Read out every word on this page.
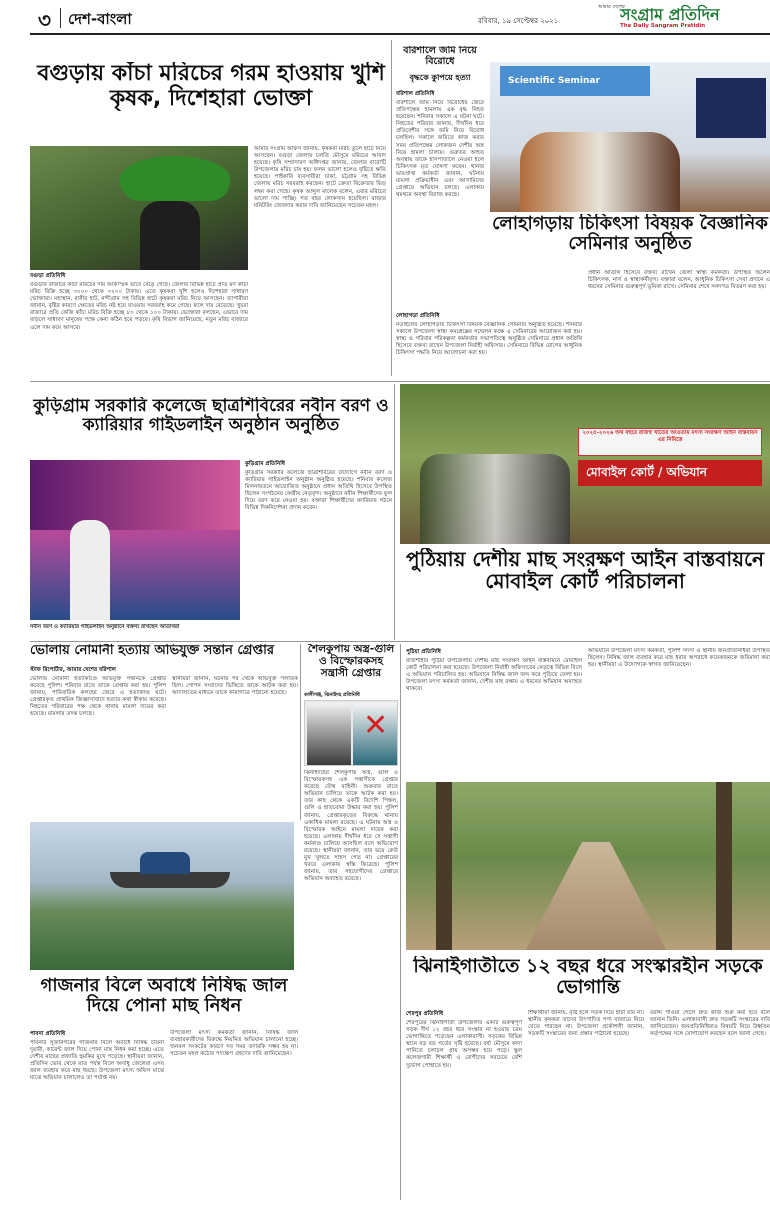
৩ দেশ-বাংলা	রবিবার, ১৯ সেপ্টেম্বর ২০২১
আমার দেশের
সংগ্রাম প্রতিদিন
The Daily Sangram Pratidin
বগুড়ায় কাঁচা মরিচের গরম হাওয়ায় খুশি কৃষক, দিশেহারা ভোক্তা
বগুড়া প্রতিনিধি
বগুড়ার বাজারে কাঁচা মরিচের দাম আকস্মিক ভাবে বেড়ে গেছে। জেলার বিভিন্ন হাটে প্রতি মণ কাঁচা মরিচ বিক্রি হচ্ছে ৩০০০ থেকে ৩২০০ টাকায়। এতে কৃষকরা খুশি হলেও দিশেহারা সাধারণ ভোক্তারা। মহাস্থান, রানীর হাট, নন্দীগ্রাম সহ বিভিন্ন হাটে কৃষকরা মরিচ নিয়ে আসছেন। ব্যাপারীরা জানান, বৃষ্টির কারণে ক্ষেতের মরিচ নষ্ট হয়ে যাওয়ায় সরবরাহ কমে গেছে। ফলে দাম বেড়েছে। খুচরা বাজারে প্রতি কেজি কাঁচা মরিচ বিক্রি হচ্ছে ৮০ থেকে ১০০ টাকায়। ভোক্তারা বলছেন, এভাবে দাম বাড়লে সাধারণ মানুষের পক্ষে কেনা কঠিন হয়ে পড়বে। কৃষি বিভাগ জানিয়েছে, নতুন মরিচ বাজারে এলে দাম কমে আসবে।
আমার সংগ্রাম অফিস জানায়, কৃষকরা মরিচ তুলে হাটে নিয়ে আসছেন। বগুড়া জেলায় চলতি মৌসুমে মরিচের আবাদ হয়েছে। কৃষি সম্প্রসারণ অধিদপ্তর জানায়, জেলার বারোটি উপজেলায় মরিচ চাষ হয়। ফলন ভালো হলেও বৃষ্টিতে ক্ষতি হয়েছে। পাইকারি ব্যবসায়ীরা ঢাকা, চট্টগ্রাম সহ বিভিন্ন জেলায় মরিচ সরবরাহ করছেন। হাটে ক্রেতা বিক্রেতার ভিড় লক্ষ্য করা গেছে। কৃষক আব্দুল মালেক বলেন, এবার মরিচের ভালো দাম পাচ্ছি। গত বছর লোকসান হয়েছিল। বাজার মনিটরিং জোরদার করার দাবি জানিয়েছেন সচেতন মহল।
বরিশালে জমি নিয়ে বিরোধে
বৃদ্ধকে কুপিয়ে হত্যা
বরিশাল প্রতিনিধি
বরিশালে জমি নিয়ে বিরোধের জেরে প্রতিপক্ষের হামলায় এক বৃদ্ধ নিহত হয়েছেন। শনিবার সকালে এ ঘটনা ঘটে। নিহতের পরিবার জানায়, দীর্ঘদিন ধরে প্রতিবেশীর সঙ্গে জমি নিয়ে বিরোধ চলছিল। সকালে জমিতে কাজ করার সময় প্রতিপক্ষের লোকজন দেশীয় অস্ত্র নিয়ে হামলা চালায়। গুরুতর আহত অবস্থায় তাকে হাসপাতালে নেওয়া হলে চিকিৎসক মৃত ঘোষণা করেন। থানার ভারপ্রাপ্ত কর্মকর্তা জানান, ঘটনায় মামলা প্রক্রিয়াধীন এবং আসামিদের গ্রেপ্তারে অভিযান চলছে। এলাকায় থমথমে অবস্থা বিরাজ করছে।
Scientific Seminar
লোহাগড়ায় চিকিৎসা বিষয়ক বৈজ্ঞানিক সেমিনার অনুষ্ঠিত
লোহাগড়া প্রতিনিধি
নড়াইলের লোহাগড়ায় চিকিৎসা বিষয়ক বৈজ্ঞানিক সেমিনার অনুষ্ঠিত হয়েছে। শনিবার সকালে উপজেলা স্বাস্থ্য কমপ্লেক্সের সম্মেলন কক্ষে এ সেমিনারের আয়োজন করা হয়। স্বাস্থ্য ও পরিবার পরিকল্পনা কর্মকর্তার সভাপতিত্বে অনুষ্ঠিত সেমিনারে প্রধান অতিথি হিসেবে বক্তব্য রাখেন উপজেলা নির্বাহী অফিসার। সেমিনারে বিভিন্ন রোগের আধুনিক চিকিৎসা পদ্ধতি নিয়ে আলোচনা করা হয়।
প্রধান অতিথি হিসেবে বক্তব্য রাখেন জেলা স্বাস্থ্য কর্মকর্তা। উপস্থিত ছিলেন চিকিৎসক, নার্স ও স্বাস্থ্যকর্মীবৃন্দ। বক্তারা বলেন, আধুনিক চিকিৎসা সেবা প্রদানে এ ধরনের সেমিনার গুরুত্বপূর্ণ ভূমিকা রাখে। সেমিনার শেষে সনদপত্র বিতরণ করা হয়।
কুড়িগ্রাম সরকারি কলেজে ছাত্রশিবিরের নবীন বরণ ও ক্যারিয়ার গাইডলাইন অনুষ্ঠান অনুষ্ঠিত
নবীন বরণ ও ক্যারিয়ার গাইডলাইন অনুষ্ঠানে বক্তব্য রাখছেন অতিথিরা
কুড়িগ্রাম প্রতিনিধি
কুড়িগ্রাম সরকারি কলেজে ছাত্রশিবিরের উদ্যোগে নবীন বরণ ও ক্যারিয়ার গাইডলাইন অনুষ্ঠান অনুষ্ঠিত হয়েছে। শনিবার কলেজ মিলনায়তনে আয়োজিত অনুষ্ঠানে প্রধান অতিথি হিসেবে উপস্থিত ছিলেন সংগঠনের কেন্দ্রীয় নেতৃবৃন্দ। অনুষ্ঠানে নবীন শিক্ষার্থীদের ফুল দিয়ে বরণ করে নেওয়া হয়। বক্তারা শিক্ষার্থীদের ক্যারিয়ার গঠনে বিভিন্ন দিকনির্দেশনা প্রদান করেন।
২০২৫-২০২৬ অর্থ বছরে রাজস্ব খাতের আওতায় মৎস্য সংরক্ষণ আইন বাস্তবায়ন এর নিমিত্তে
মোবাইল কোর্ট / অভিযান
পুঠিয়ায় দেশীয় মাছ সংরক্ষণ আইন বাস্তবায়নে মোবাইল কোর্ট পরিচালনা
ভোলায় নোমানী হত্যায় অভিযুক্ত সন্তান গ্রেপ্তার
স্টাফ রিপোর্টার, আমার দেশের বরিশাল
ভোলায় নোমানী হত্যাকাণ্ডে অভিযুক্ত সন্তানকে গ্রেপ্তার করেছে পুলিশ। শনিবার রাতে তাকে গ্রেপ্তার করা হয়। পুলিশ জানায়, পারিবারিক কলহের জেরে এ হত্যাকাণ্ড ঘটে। গ্রেপ্তারকৃত প্রাথমিক জিজ্ঞাসাবাদে হত্যার কথা স্বীকার করেছে। নিহতের পরিবারের পক্ষ থেকে থানায় মামলা দায়ের করা হয়েছে। মামলার তদন্ত চলছে।
স্থানীয়রা জানান, ঘটনার পর থেকে অভিযুক্ত পলাতক ছিল। গোপন সংবাদের ভিত্তিতে তাকে আটক করা হয়। আদালতের মাধ্যমে তাকে কারাগারে পাঠানো হয়েছে।
শৈলকুপায় অস্ত্র-গুলি ও বিস্ফোরকসহ সন্ত্রাসী গ্রেপ্তার
কালীগঞ্জ, ঝিনাইদহ প্রতিনিধি
✕
ঝিনাইদহের শৈলকুপায় অস্ত্র, গুলি ও বিস্ফোরকসহ এক সন্ত্রাসীকে গ্রেপ্তার করেছে যৌথ বাহিনী। শুক্রবার রাতে অভিযান চালিয়ে তাকে আটক করা হয়। তার কাছ থেকে একটি বিদেশি পিস্তল, গুলি ও হাতবোমা উদ্ধার করা হয়। পুলিশ জানায়, গ্রেপ্তারকৃতের বিরুদ্ধে থানায় একাধিক মামলা রয়েছে। এ ঘটনায় অস্ত্র ও বিস্ফোরক আইনে মামলা দায়ের করা হয়েছে। এলাকায় দীর্ঘদিন ধরে সে সন্ত্রাসী কর্মকাণ্ড চালিয়ে আসছিল বলে অভিযোগ রয়েছে। স্থানীয়রা জানান, তার ভয়ে কেউ মুখ খুলতে সাহস পেত না। গ্রেপ্তারের খবরে এলাকায় স্বস্তি ফিরেছে। পুলিশ জানায়, তার সহযোগীদের গ্রেপ্তারে অভিযান অব্যাহত রয়েছে।
পুঠিয়া প্রতিনিধি
রাজশাহীর পুঠিয়া উপজেলায় দেশীয় মাছ সংরক্ষণ আইন বাস্তবায়নে মোবাইল কোর্ট পরিচালনা করা হয়েছে। উপজেলা নির্বাহী অফিসারের নেতৃত্বে বিভিন্ন বিলে এ অভিযান পরিচালিত হয়। অভিযানে নিষিদ্ধ জাল জব্দ করে পুড়িয়ে ফেলা হয়। উপজেলা মৎস্য কর্মকর্তা জানান, দেশীয় মাছ রক্ষায় এ ধরনের অভিযান অব্যাহত থাকবে।
অভিযানে উপজেলা মৎস্য কর্মকর্তা, পুলিশ সদস্য ও স্থানীয় জনপ্রতিনিধিরা উপস্থিত ছিলেন। নিষিদ্ধ জাল ব্যবহার করে মাছ ধরার অপরাধে কয়েকজনকে জরিমানা করা হয়। স্থানীয়রা এ উদ্যোগকে স্বাগত জানিয়েছেন।
গাজনার বিলে অবাধে নিষিদ্ধ জাল দিয়ে পোনা মাছ নিধন
পাবনা প্রতিনিধি
পাবনার সুজানগরের গাজনার বিলে অবাধে নিষিদ্ধ চায়না দুয়ারী, কারেন্ট জাল দিয়ে পোনা মাছ নিধন করা হচ্ছে। এতে দেশীয় মাছের প্রজাতি হুমকির মুখে পড়েছে। স্থানীয়রা জানান, প্রতিদিন ভোর থেকে রাত পর্যন্ত বিলে অসাধু জেলেরা এসব জাল ব্যবহার করে মাছ ধরছে। উপজেলা মৎস্য অফিস মাঝে মাঝে অভিযান চালালেও তা পর্যাপ্ত নয়।
উপজেলা মৎস্য কর্মকর্তা জানান, নিষিদ্ধ জাল ব্যবহারকারীদের বিরুদ্ধে নিয়মিত অভিযান চালানো হচ্ছে। জনবল সংকটের কারণে সব সময় তদারকি সম্ভব হয় না। সচেতন মহল কঠোর পদক্ষেপ গ্রহণের দাবি জানিয়েছেন।
ঝিনাইগাতীতে ১২ বছর ধরে সংস্কারহীন সড়কে ভোগান্তি
শেরপুর প্রতিনিধি
শেরপুরের ঝিনাইগাতী উপজেলার একটি গুরুত্বপূর্ণ সড়ক দীর্ঘ ১২ বছর ধরে সংস্কার না হওয়ায় চরম ভোগান্তিতে পড়েছেন এলাকাবাসী। সড়কের বিভিন্ন স্থানে বড় বড় গর্তের সৃষ্টি হয়েছে। বর্ষা মৌসুমে কাদা পানিতে চলাচল প্রায় অসম্ভব হয়ে পড়ে। স্কুল কলেজগামী শিক্ষার্থী ও রোগীদের সবচেয়ে বেশি দুর্ভোগ পোহাতে হয়।
শিক্ষার্থীরা জানায়, বৃষ্টি হলে সড়ক দিয়ে হাঁটা যায় না। স্থানীয় কৃষকরা তাদের উৎপাদিত পণ্য বাজারে নিয়ে যেতে পারছেন না। উপজেলা প্রকৌশলী জানান, সড়কটি সংস্কারের জন্য প্রস্তাব পাঠানো হয়েছে।
বরাদ্দ পাওয়া গেলে দ্রুত কাজ শুরু করা হবে বলে জানান তিনি। এলাকাবাসী দ্রুত সড়কটি সংস্কারের দাবি জানিয়েছেন। জনপ্রতিনিধিরাও বিষয়টি নিয়ে উর্ধ্বতন কর্তৃপক্ষের সঙ্গে যোগাযোগ করছেন বলে জানা গেছে।
